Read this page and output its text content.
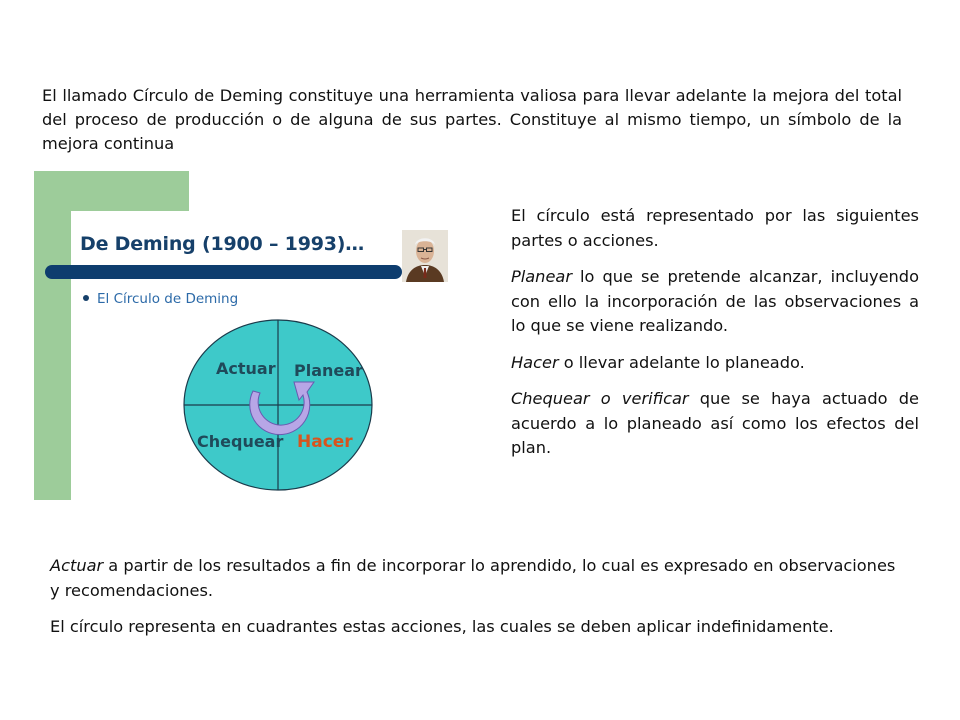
El llamado Círculo de Deming constituye una herramienta valiosa para llevar adelante la mejora del total del proceso de producción o de alguna de sus partes. Constituye al mismo tiempo, un símbolo de la mejora continua

De Deming (1900 – 1993)…
El Círculo de Deming
Actuar Planear
Chequear Hacer

El círculo está representado por las siguientes partes o acciones.

Planear lo que se pretende alcanzar, incluyendo con ello la incorporación de las observaciones a lo que se viene realizando.

Hacer o llevar adelante lo planeado.

Chequear o verificar que se haya actuado de acuerdo a lo planeado así como los efectos del plan.

Actuar a partir de los resultados a fin de incorporar lo aprendido, lo cual es expresado en observaciones y recomendaciones.

El círculo representa en cuadrantes estas acciones, las cuales se deben aplicar indefinidamente.
